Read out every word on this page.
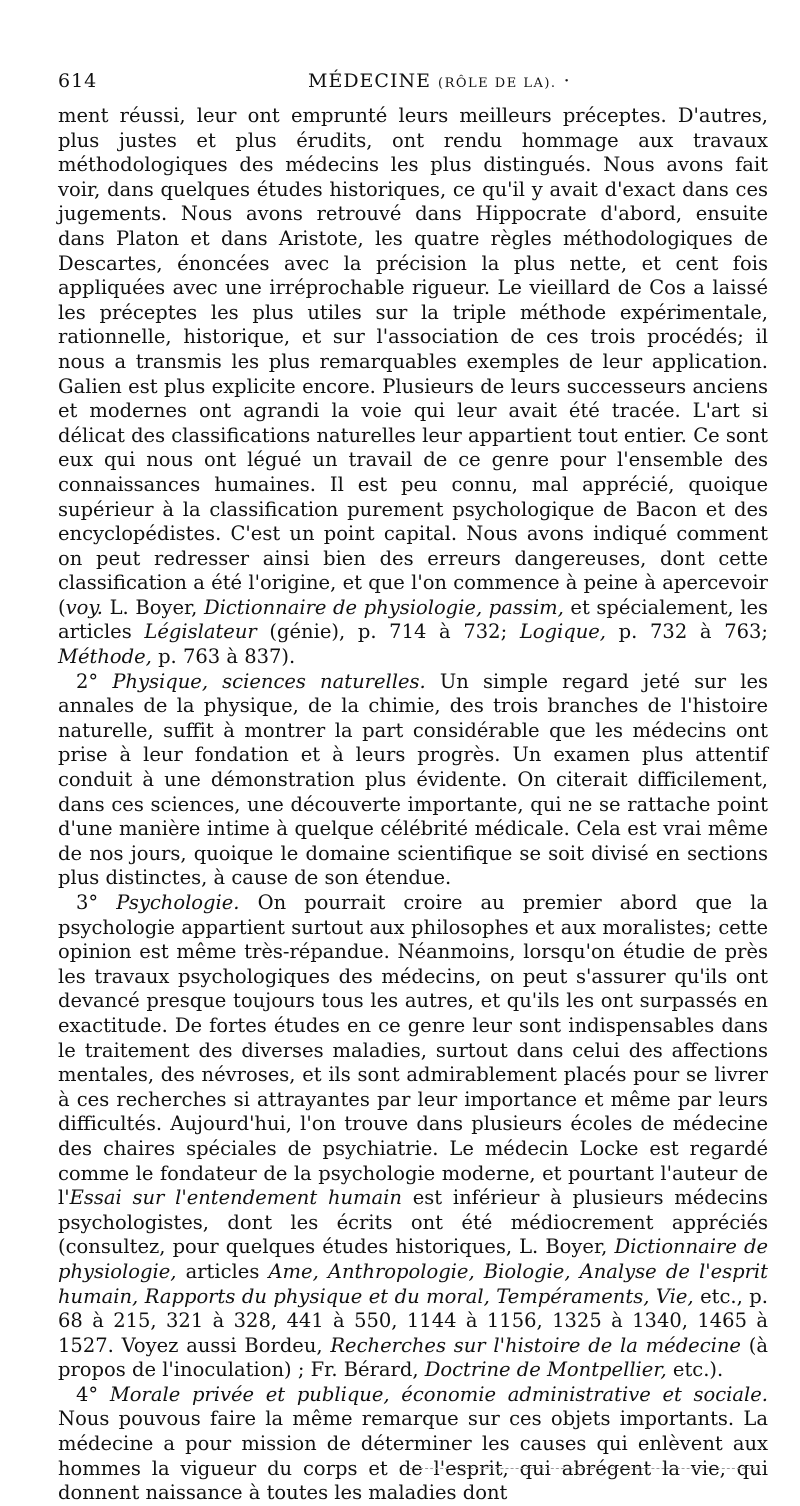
614	MÉDECINE (RÔLE DE LA). ·

ment réussi, leur ont emprunté leurs meilleurs préceptes. D'autres, plus justes et plus érudits, ont rendu hommage aux travaux méthodologiques des médecins les plus distingués. Nous avons fait voir, dans quelques études historiques, ce qu'il y avait d'exact dans ces jugements. Nous avons retrouvé dans Hippocrate d'abord, ensuite dans Platon et dans Aristote, les quatre règles méthodologiques de Descartes, énoncées avec la précision la plus nette, et cent fois appliquées avec une irréprochable rigueur. Le vieillard de Cos a laissé les préceptes les plus utiles sur la triple méthode expérimentale, rationnelle, historique, et sur l'association de ces trois procédés; il nous a transmis les plus remarquables exemples de leur application. Galien est plus explicite encore. Plusieurs de leurs successeurs anciens et modernes ont agrandi la voie qui leur avait été tracée. L'art si délicat des classifications naturelles leur appartient tout entier. Ce sont eux qui nous ont légué un travail de ce genre pour l'ensemble des connaissances humaines. Il est peu connu, mal apprécié, quoique supérieur à la classification purement psychologique de Bacon et des encyclopédistes. C'est un point capital. Nous avons indiqué comment on peut redresser ainsi bien des erreurs dangereuses, dont cette classification a été l'origine, et que l'on commence à peine à apercevoir (voy. L. Boyer, Dictionnaire de physiologie, passim, et spécialement, les articles Législateur (génie), p. 714 à 732; Logique, p. 732 à 763; Méthode, p. 763 à 837).

2° Physique, sciences naturelles. Un simple regard jeté sur les annales de la physique, de la chimie, des trois branches de l'histoire naturelle, suffit à montrer la part considérable que les médecins ont prise à leur fondation et à leurs progrès. Un examen plus attentif conduit à une démonstration plus évidente. On citerait difficilement, dans ces sciences, une découverte importante, qui ne se rattache point d'une manière intime à quelque célébrité médicale. Cela est vrai même de nos jours, quoique le domaine scientifique se soit divisé en sections plus distinctes, à cause de son étendue.

3° Psychologie. On pourrait croire au premier abord que la psychologie appartient surtout aux philosophes et aux moralistes; cette opinion est même très-répandue. Néanmoins, lorsqu'on étudie de près les travaux psychologiques des médecins, on peut s'assurer qu'ils ont devancé presque toujours tous les autres, et qu'ils les ont surpassés en exactitude. De fortes études en ce genre leur sont indispensables dans le traitement des diverses maladies, surtout dans celui des affections mentales, des névroses, et ils sont admirablement placés pour se livrer à ces recherches si attrayantes par leur importance et même par leurs difficultés. Aujourd'hui, l'on trouve dans plusieurs écoles de médecine des chaires spéciales de psychiatrie. Le médecin Locke est regardé comme le fondateur de la psychologie moderne, et pourtant l'auteur de l'Essai sur l'entendement humain est inférieur à plusieurs médecins psychologistes, dont les écrits ont été médiocrement appréciés (consultez, pour quelques études historiques, L. Boyer, Dictionnaire de physiologie, articles Ame, Anthropologie, Biologie, Analyse de l'esprit humain, Rapports du physique et du moral, Tempéraments, Vie, etc., p. 68 à 215, 321 à 328, 441 à 550, 1144 à 1156, 1325 à 1340, 1465 à 1527. Voyez aussi Bordeu, Recherches sur l'histoire de la médecine (à propos de l'inoculation) ; Fr. Bérard, Doctrine de Montpellier, etc.).

4° Morale privée et publique, économie administrative et sociale. Nous pouvous faire la même remarque sur ces objets importants. La médecine a pour mission de déterminer les causes qui enlèvent aux hommes la vigueur du corps et de l'esprit, qui abrégent la vie, qui donnent naissance à toutes les maladies dont
